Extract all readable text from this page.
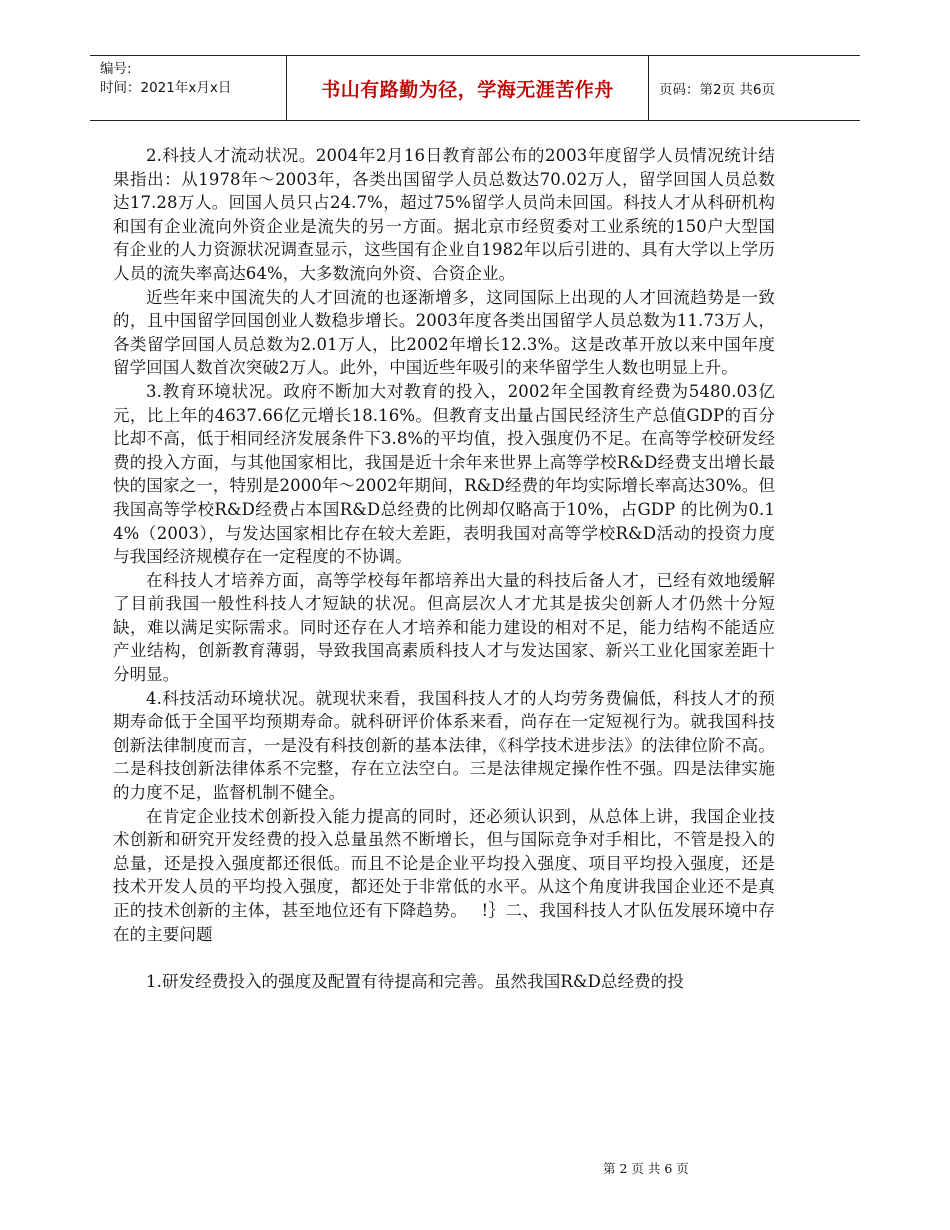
编号:
时间：2021年x月x日	书山有路勤为径，学海无涯苦作舟	页码：第2页 共6页

2.科技人才流动状况。2004年2月16日教育部公布的2003年度留学人员情况统计结果指出：从1978年～2003年，各类出国留学人员总数达70.02万人，留学回国人员总数达17.28万人。回国人员只占24.7%，超过75%留学人员尚未回国。科技人才从科研机构和国有企业流向外资企业是流失的另一方面。据北京市经贸委对工业系统的150户大型国有企业的人力资源状况调查显示，这些国有企业自1982年以后引进的、具有大学以上学历人员的流失率高达64%，大多数流向外资、合资企业。

近些年来中国流失的人才回流的也逐渐增多，这同国际上出现的人才回流趋势是一致的，且中国留学回国创业人数稳步增长。2003年度各类出国留学人员总数为11.73万人，各类留学回国人员总数为2.01万人，比2002年增长12.3%。这是改革开放以来中国年度留学回国人数首次突破2万人。此外，中国近些年吸引的来华留学生人数也明显上升。

3.教育环境状况。政府不断加大对教育的投入，2002年全国教育经费为5480.03亿元，比上年的4637.66亿元增长18.16%。但教育支出量占国民经济生产总值GDP的百分比却不高，低于相同经济发展条件下3.8%的平均值，投入强度仍不足。在高等学校研发经费的投入方面，与其他国家相比，我国是近十余年来世界上高等学校R&D经费支出增长最快的国家之一，特别是2000年～2002年期间，R&D经费的年均实际增长率高达30%。但我国高等学校R&D经费占本国R&D总经费的比例却仅略高于10%，占GDP 的比例为0.14%（2003），与发达国家相比存在较大差距，表明我国对高等学校R&D活动的投资力度与我国经济规模存在一定程度的不协调。

在科技人才培养方面，高等学校每年都培养出大量的科技后备人才，已经有效地缓解了目前我国一般性科技人才短缺的状况。但高层次人才尤其是拔尖创新人才仍然十分短缺，难以满足实际需求。同时还存在人才培养和能力建设的相对不足，能力结构不能适应产业结构，创新教育薄弱，导致我国高素质科技人才与发达国家、新兴工业化国家差距十分明显。

4.科技活动环境状况。就现状来看，我国科技人才的人均劳务费偏低，科技人才的预期寿命低于全国平均预期寿命。就科研评价体系来看，尚存在一定短视行为。就我国科技创新法律制度而言，一是没有科技创新的基本法律，《科学技术进步法》的法律位阶不高。二是科技创新法律体系不完整，存在立法空白。三是法律规定操作性不强。四是法律实施的力度不足，监督机制不健全。

在肯定企业技术创新投入能力提高的同时，还必须认识到，从总体上讲，我国企业技术创新和研究开发经费的投入总量虽然不断增长，但与国际竞争对手相比，不管是投入的总量，还是投入强度都还很低。而且不论是企业平均投入强度、项目平均投入强度，还是技术开发人员的平均投入强度，都还处于非常低的水平。从这个角度讲我国企业还不是真正的技术创新的主体，甚至地位还有下降趋势。　 !｝二、我国科技人才队伍发展环境中存在的主要问题

1.研发经费投入的强度及配置有待提高和完善。虽然我国R&D总经费的投

第 2 页 共 6 页
